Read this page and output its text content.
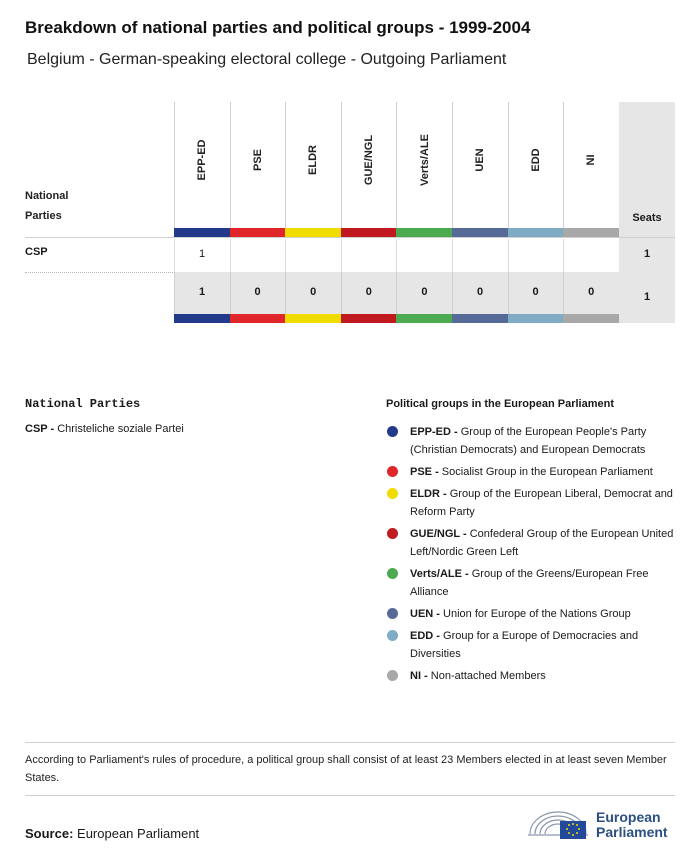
Breakdown of national parties and political groups - 1999-2004
Belgium - German-speaking electoral college - Outgoing Parliament
National
Parties	Seats
CSP	1
1
EPP-ED
1
1
PSE
0
ELDR
0
GUE/NGL
0
Verts/ALE
0
UEN
0
EDD
0
NI
0
National Parties
CSP - Christeliche soziale Partei
Political groups in the European Parliament
EPP-ED - Group of the European People's Party (Christian Democrats) and European Democrats
PSE - Socialist Group in the European Parliament
ELDR - Group of the European Liberal, Democrat and Reform Party
GUE/NGL - Confederal Group of the European United Left/Nordic Green Left
Verts/ALE - Group of the Greens/European Free Alliance
UEN - Union for Europe of the Nations Group
EDD - Group for a Europe of Democracies and Diversities
NI - Non-attached Members
According to Parliament's rules of procedure, a political group shall consist of at least 23 Members elected in at least seven Member States.
Source: European Parliament
European
Parliament
